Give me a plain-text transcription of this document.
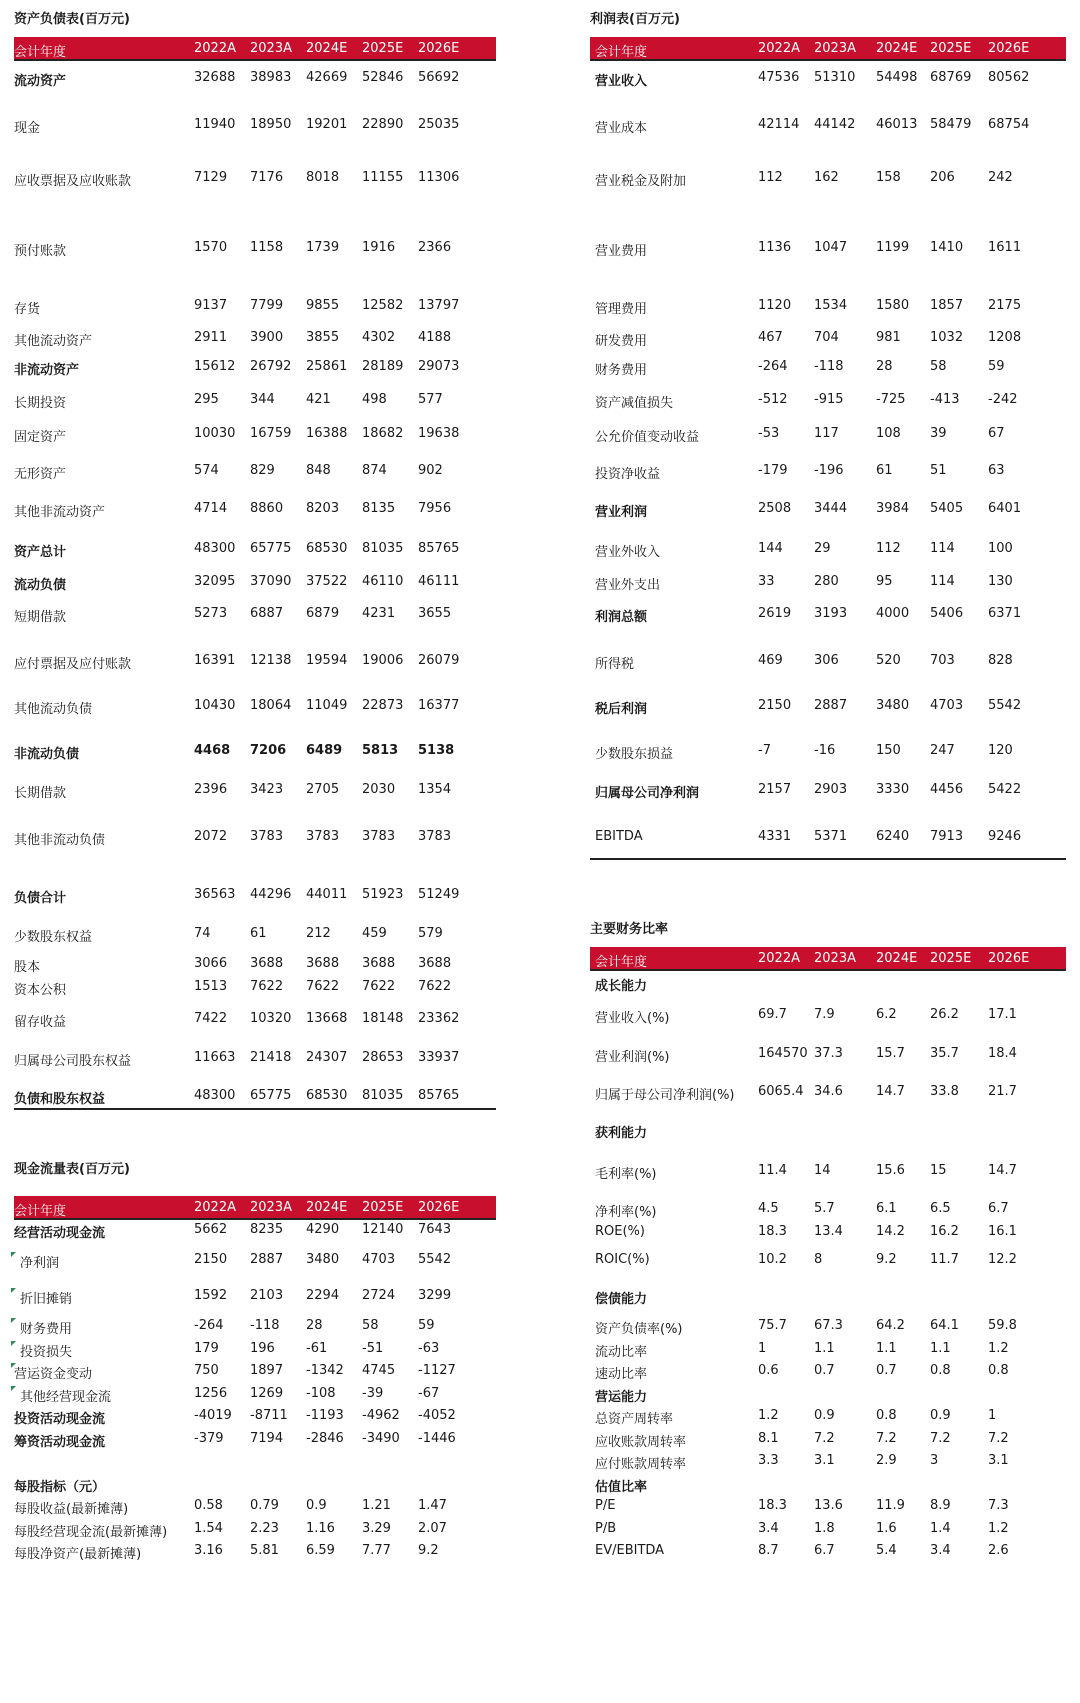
资产负债表(百万元)
会计年度	2022A 2023A 2024E 2025E 2026E
流动资产	32688 38983 42669 52846 56692
现金	11940 18950 19201 22890 25035
应收票据及应收账款	7129 7176 8018 11155 11306
预付账款	1570 1158 1739 1916 2366
存货	9137 7799 9855 12582 13797
其他流动资产	2911 3900 3855 4302 4188
非流动资产	15612 26792 25861 28189 29073
长期投资	295 344 421 498 577
固定资产	10030 16759 16388 18682 19638
无形资产	574 829 848 874 902
其他非流动资产	4714 8860 8203 8135 7956
资产总计	48300 65775 68530 81035 85765
流动负债	32095 37090 37522 46110 46111
短期借款	5273 6887 6879 4231 3655
应付票据及应付账款	16391 12138 19594 19006 26079
其他流动负债	10430 18064 11049 22873 16377
非流动负债	4468 7206 6489 5813 5138
长期借款	2396 3423 2705 2030 1354
其他非流动负债	2072 3783 3783 3783 3783
负债合计	36563 44296 44011 51923 51249
少数股东权益	74	61	212 459 579
股本	3066 3688 3688 3688 3688
资本公积	1513 7622 7622 7622 7622
留存收益	7422 10320 13668 18148 23362
归属母公司股东权益	11663 21418 24307 28653 33937
负债和股东权益	48300 65775 68530 81035 85765
利润表(百万元)
会计年度	2022A 2023A 2024E 2025E 2026E
营业收入	47536 51310 54498 68769 80562
营业成本	42114 44142 46013 58479 68754
营业税金及附加	112 162	158 206	242
营业费用	1136 1047 1199 1410 1611
管理费用	1120 1534 1580 1857 2175
研发费用	467 704	981 1032 1208
财务费用	-264 -118 28	58	59
资产减值损失	-512 -915 -725 -413 -242
公允价值变动收益	-53	117	108 39	67
投资净收益	-179 -196 61	51	63
营业利润	2508 3444 3984 5405 6401
营业外收入	144 29	112 114	100
营业外支出	33	280	95	114	130
利润总额	2619 3193 4000 5406 6371
所得税	469 306	520 703	828
税后利润	2150 2887 3480 4703 5542
少数股东损益	-7	-16	150 247	120
归属母公司净利润	2157 2903 3330 4456 5422
EBITDA	4331 5371 6240 7913 9246
现金流量表(百万元)
会计年度	2022A 2023A 2024E 2025E 2026E
经营活动现金流	5662 8235 4290 12140 7643
净利润	2150 2887 3480 4703 5542
折旧摊销	1592 2103 2294 2724 3299
财务费用	-264 -118 28	58	59
投资损失	179 196 -61	-51	-63
营运资金变动	750 1897 -1342 4745 -1127
其他经营现金流	1256 1269 -108 -39	-67
投资活动现金流	-4019 -8711 -1193 -4962 -4052
筹资活动现金流	-379 7194 -2846 -3490 -1446
每股指标（元）
每股收益(最新摊薄)	0.58 0.79 0.9	1.21 1.47
每股经营现金流(最新摊薄) 1.54 2.23 1.16 3.29 2.07
每股净资产(最新摊薄)	3.16 5.81 6.59 7.77 9.2
主要财务比率
会计年度	2022A 2023A 2024E 2025E 2026E
成长能力
营业收入(%)	69.7 7.9	6.2	26.2 17.1
营业利润(%)	164570 37.3	15.7 35.7 18.4
归属于母公司净利润(%) 6065.4 34.6	14.7 33.8 21.7
获利能力
毛利率(%)	11.4 14	15.6 15	14.7
净利率(%)	4.5	5.7	6.1	6.5	6.7
ROE(%)	18.3 13.4	14.2 16.2 16.1
ROIC(%)	10.2 8	9.2	11.7 12.2
偿债能力
资产负债率(%)	75.7 67.3	64.2 64.1 59.8
流动比率	1	1.1	1.1	1.1	1.2
速动比率	0.6	0.7	0.7	0.8	0.8
营运能力
总资产周转率	1.2	0.9	0.8	0.9	1
应收账款周转率	8.1	7.2	7.2	7.2	7.2
应付账款周转率	3.3	3.1	2.9	3	3.1
估值比率
P/E	18.3 13.6	11.9 8.9	7.3
P/B	3.4	1.8	1.6	1.4	1.2
EV/EBITDA	8.7	6.7	5.4	3.4	2.6
